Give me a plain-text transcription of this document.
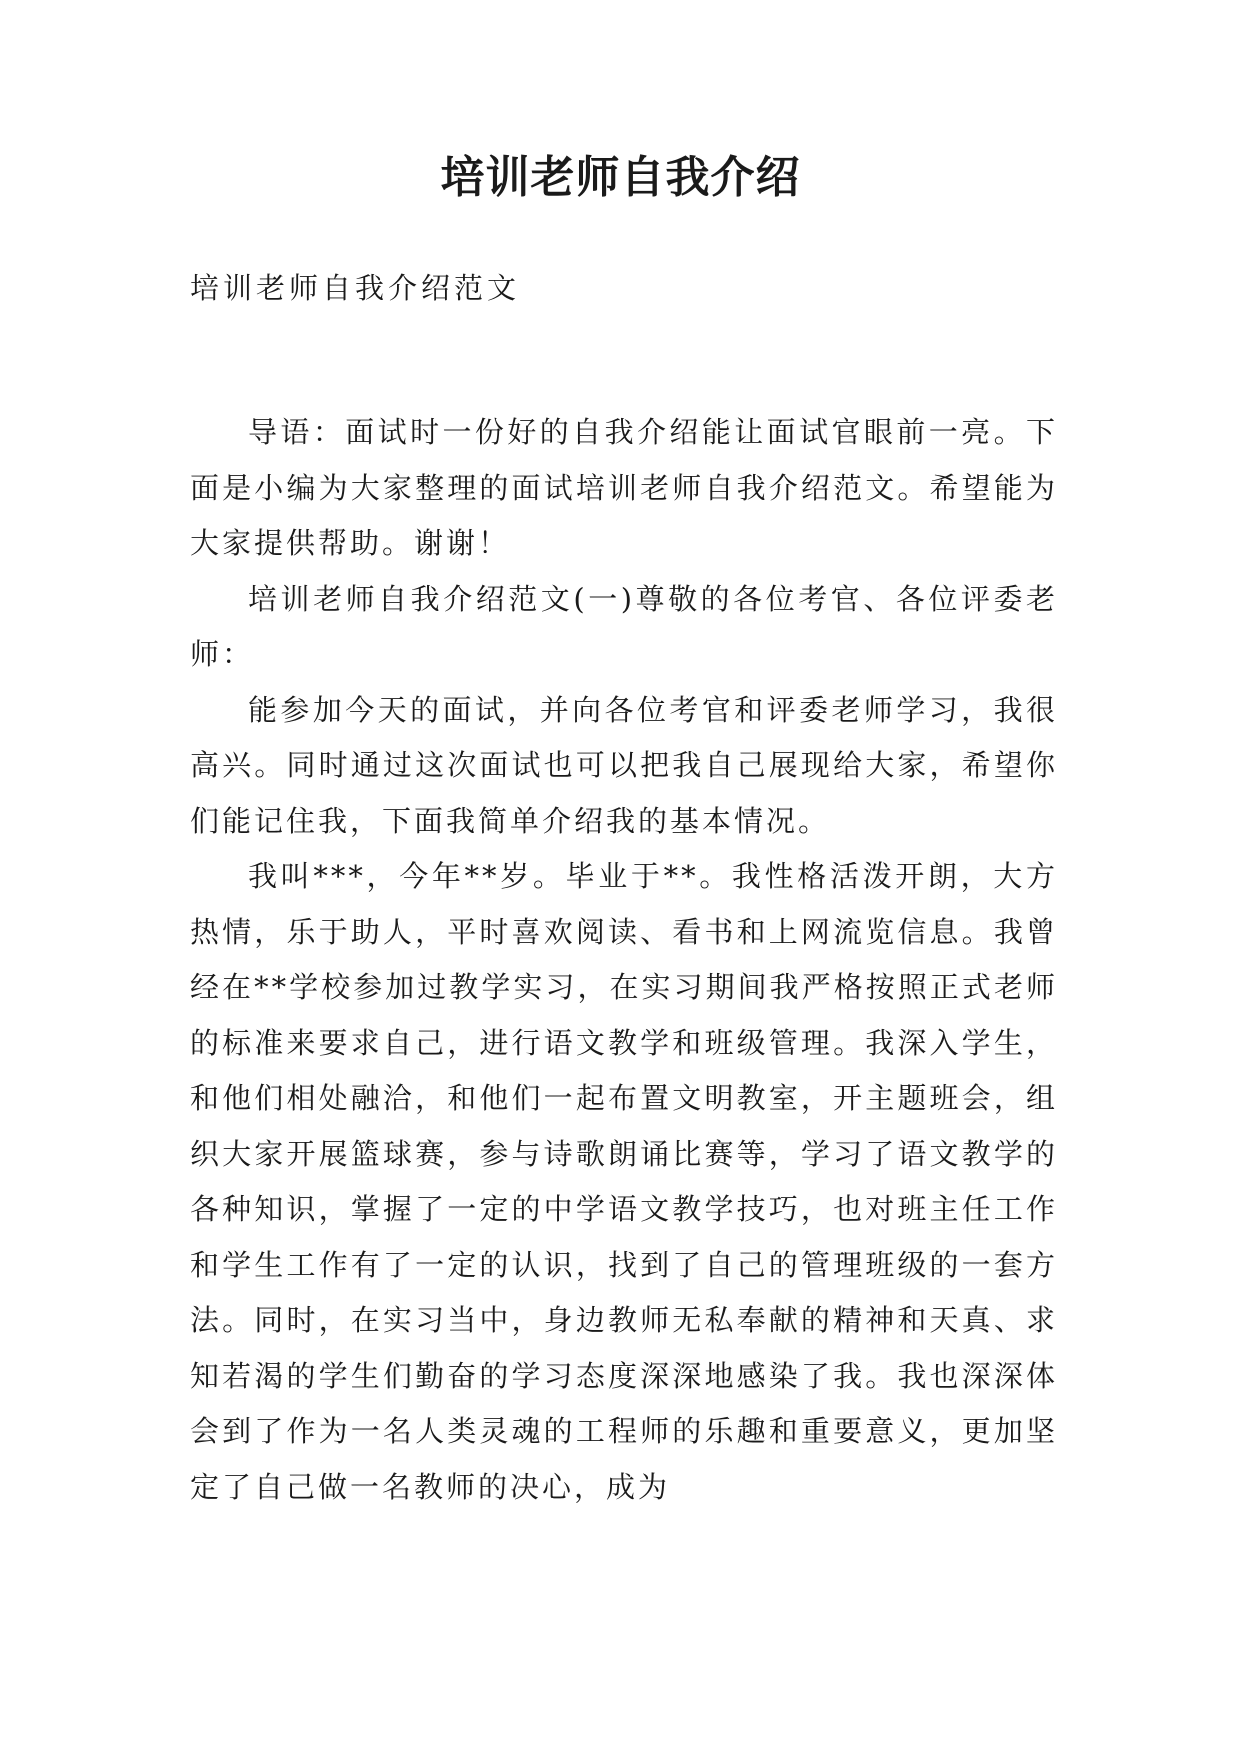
培训老师自我介绍

培训老师自我介绍范文

导语：面试时一份好的自我介绍能让面试官眼前一亮。下面是小编为大家整理的面试培训老师自我介绍范文。希望能为大家提供帮助。谢谢！

培训老师自我介绍范文(一)尊敬的各位考官、各位评委老师：

能参加今天的面试，并向各位考官和评委老师学习，我很高兴。同时通过这次面试也可以把我自己展现给大家，希望你们能记住我，下面我简单介绍我的基本情况。

我叫***，今年**岁。毕业于**。我性格活泼开朗，大方热情，乐于助人，平时喜欢阅读、看书和上网流览信息。我曾经在**学校参加过教学实习，在实习期间我严格按照正式老师的标准来要求自己，进行语文教学和班级管理。我深入学生，和他们相处融洽，和他们一起布置文明教室，开主题班会，组织大家开展篮球赛，参与诗歌朗诵比赛等，学习了语文教学的各种知识，掌握了一定的中学语文教学技巧，也对班主任工作和学生工作有了一定的认识，找到了自己的管理班级的一套方法。同时，在实习当中，身边教师无私奉献的精神和天真、求知若渴的学生们勤奋的学习态度深深地感染了我。我也深深体会到了作为一名人类灵魂的工程师的乐趣和重要意义，更加坚定了自己做一名教师的决心，成为
